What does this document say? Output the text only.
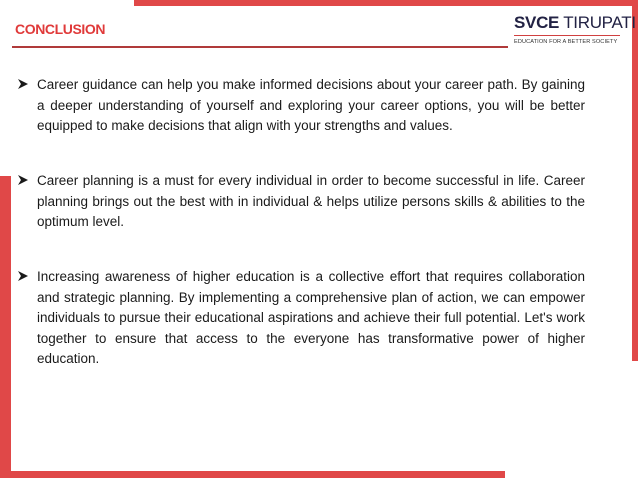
CONCLUSION	SVCE TIRUPATI
EDUCATION FOR A BETTER SOCIETY
Career guidance can help you make informed decisions about your career path. By gaining a deeper understanding of yourself and exploring your career options, you will be better equipped to make decisions that align with your strengths and values.
Career planning is a must for every individual in order to become successful in life. Career planning brings out the best with in individual & helps utilize persons skills & abilities to the optimum level.
Increasing awareness of higher education is a collective effort that requires collaboration and strategic planning. By implementing a comprehensive plan of action, we can empower individuals to pursue their educational aspirations and achieve their full potential. Let's work together to ensure that access to the everyone has transformative power of higher education.
